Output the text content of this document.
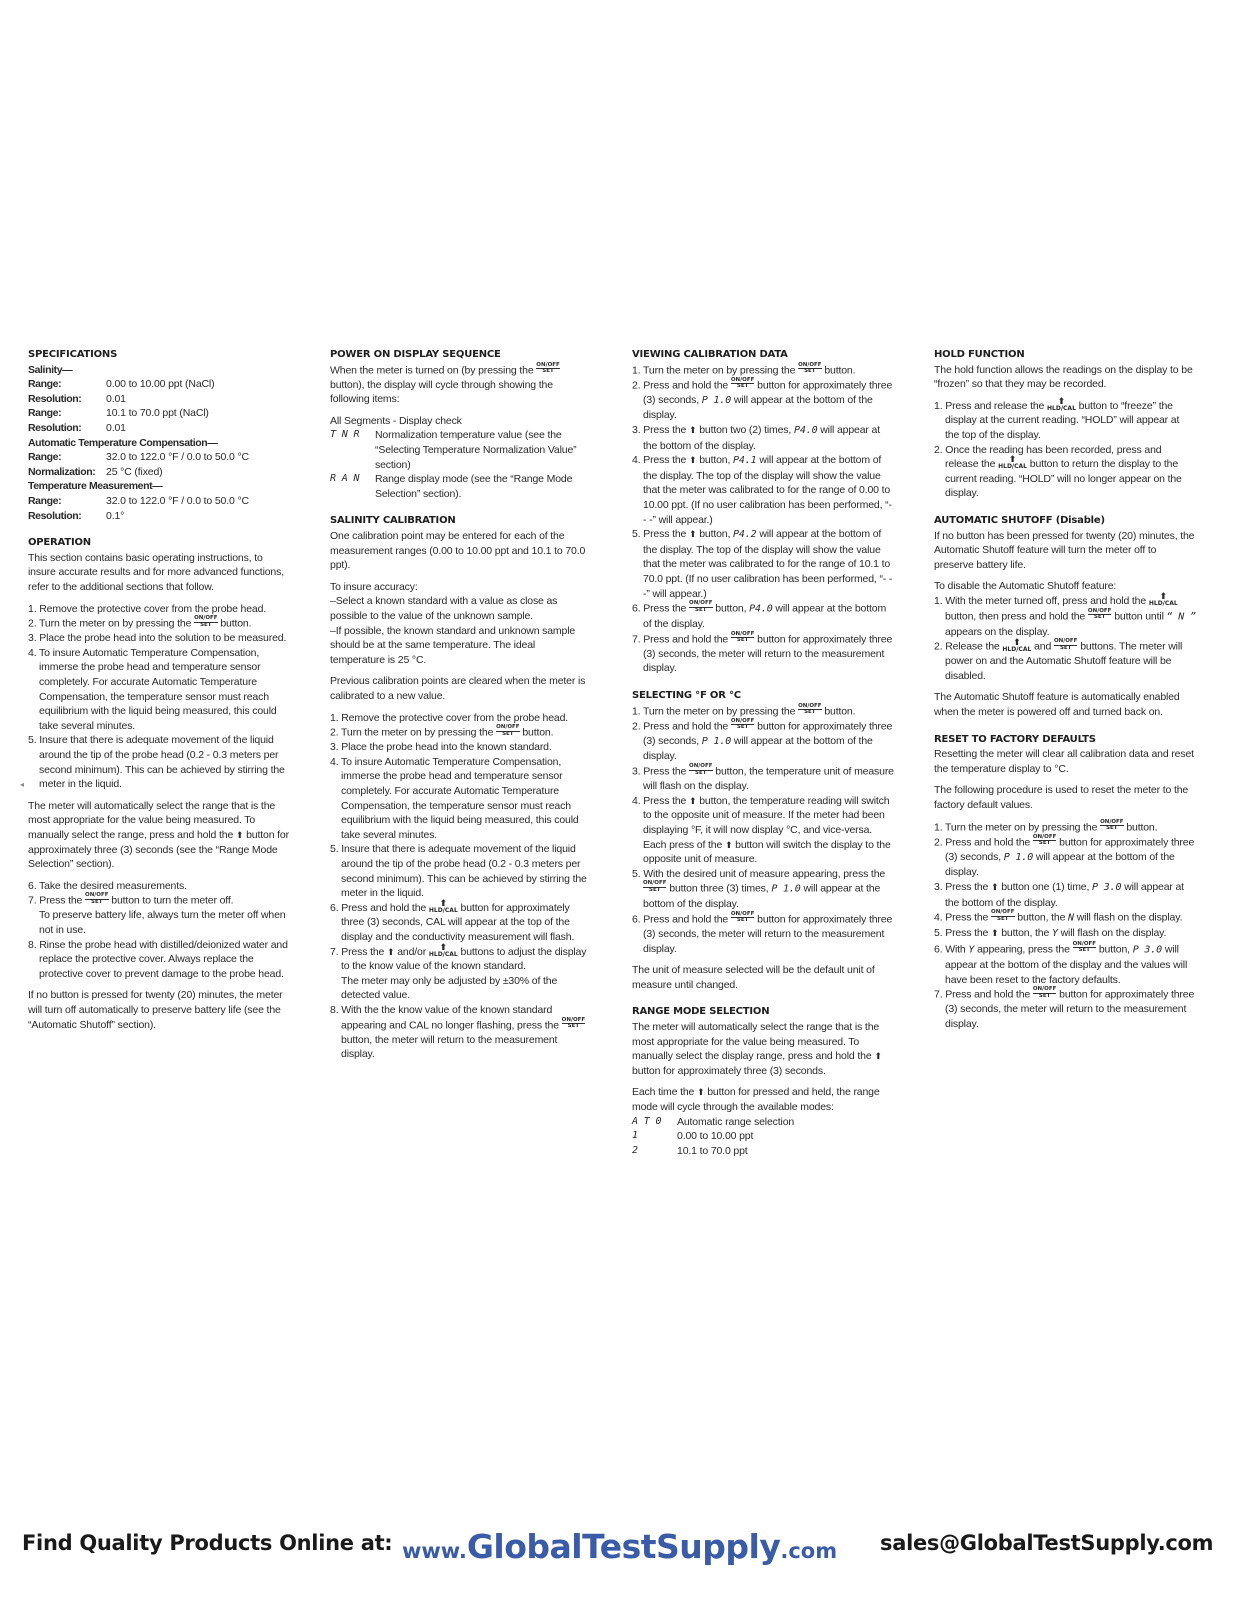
SPECIFICATIONS

Salinity—

Range:	0.00 to 10.00 ppt (NaCl)
Resolution:	0.01
Range:	10.1 to 70.0 ppt (NaCl)
Resolution:	0.01

Automatic Temperature Compensation—

Range:	32.0 to 122.0 °F / 0.0 to 50.0 °C
Normalization:	25 °C (fixed)

Temperature Measurement—

Range:	32.0 to 122.0 °F / 0.0 to 50.0 °C
Resolution:	0.1°

OPERATION

This section contains basic operating instructions, to insure accurate results and for more advanced functions, refer to the additional sections that follow.

1. Remove the protective cover from the probe head.
2. Turn the meter on by pressing the ON/OFF
SET button.
3. Place the probe head into the solution to be measured.
4. To insure Automatic Temperature Compensation, immerse the probe head and temperature sensor completely. For accurate Automatic Temperature Compensation, the temperature sensor must reach equilibrium with the liquid being measured, this could take several minutes.
5. Insure that there is adequate movement of the liquid around the tip of the probe head (0.2 - 0.3 meters per second minimum). This can be achieved by stirring the meter in the liquid.

The meter will automatically select the range that is the most appropriate for the value being measured. To manually select the range, press and hold the ⬆ button for approximately three (3) seconds (see the “Range Mode Selection” section).

6. Take the desired measurements.
7. Press the ON/OFF
SET button to turn the meter off.
To preserve battery life, always turn the meter off when not in use.
8. Rinse the probe head with distilled/deionized water and replace the protective cover. Always replace the protective cover to prevent damage to the probe head.

If no button is pressed for twenty (20) minutes, the meter will turn off automatically to preserve battery life (see the “Automatic Shutoff” section).

◂

POWER ON DISPLAY SEQUENCE

When the meter is turned on (by pressing the ON/OFF
SET
button), the display will cycle through showing the following items:

All Segments - Display check

T N R	Normalization temperature value (see the “Selecting Temperature Normalization Value” section)
R A N	Range display mode (see the “Range Mode Selection” section).

SALINITY CALIBRATION

One calibration point may be entered for each of the measurement ranges (0.00 to 10.00 ppt and 10.1 to 70.0 ppt).

To insure accuracy:

–Select a known standard with a value as close as possible to the value of the unknown sample.

–If possible, the known standard and unknown sample should be at the same temperature. The ideal temperature is 25 °C.

Previous calibration points are cleared when the meter is calibrated to a new value.

1. Remove the protective cover from the probe head.
2. Turn the meter on by pressing the ON/OFF
SET button.
3. Place the probe head into the known standard.
4. To insure Automatic Temperature Compensation, immerse the probe head and temperature sensor completely. For accurate Automatic Temperature Compensation, the temperature sensor must reach equilibrium with the liquid being measured, this could take several minutes.
5. Insure that there is adequate movement of the liquid around the tip of the probe head (0.2 - 0.3 meters per second minimum). This can be achieved by stirring the meter in the liquid.
6. Press and hold the	⬆
HLD/CAL button for approximately three (3) seconds, CAL will appear at the top of the display and the conductivity measurement will flash.
7. Press the ⬆ and/or	⬆
HLD/CAL buttons to adjust the display to the know value of the known standard.
The meter may only be adjusted by ±30% of the detected value.
8. With the the know value of the known standard appearing and CAL no longer flashing, press the ON/OFF
SET
button, the meter will return to the measurement display.

VIEWING CALIBRATION DATA

1. Turn the meter on by pressing the ON/OFF
SET button.
2. Press and hold the ON/OFF
SET button for approximately three (3) seconds, P 1.0 will appear at the bottom of the display.
3. Press the ⬆ button two (2) times, P4.0 will appear at the bottom of the display.
4. Press the ⬆ button, P4.1 will appear at the bottom of the display. The top of the display will show the value that the meter was calibrated to for the range of 0.00 to 10.00 ppt. (If no user calibration has been performed, “- - -” will appear.)
5. Press the ⬆ button, P4.2 will appear at the bottom of the display. The top of the display will show the value that the meter was calibrated to for the range of 10.1 to 70.0 ppt. (If no user calibration has been performed, “- - -” will appear.)
6. Press the ON/OFF
SET button, P4.0 will appear at the bottom of the display.
7. Press and hold the ON/OFF
SET button for approximately three (3) seconds, the meter will return to the measurement display.

SELECTING °F OR °C

1. Turn the meter on by pressing the ON/OFF
SET button.
2. Press and hold the ON/OFF
SET button for approximately three (3) seconds, P 1.0 will appear at the bottom of the display.
3. Press the ON/OFF
SET button, the temperature unit of measure will flash on the display.
4. Press the ⬆ button, the temperature reading will switch to the opposite unit of measure. If the meter had been displaying °F, it will now display °C, and vice-versa. Each press of the ⬆ button will switch the display to the opposite unit of measure.
5. With the desired unit of measure appearing, press the
ON/OFF
SET button three (3) times, P 1.0 will appear at the bottom of the display.
6. Press and hold the ON/OFF
SET button for approximately three (3) seconds, the meter will return to the measurement display.

The unit of measure selected will be the default unit of measure until changed.

RANGE MODE SELECTION

The meter will automatically select the range that is the most appropriate for the value being measured. To manually select the display range, press and hold the ⬆ button for approximately three (3) seconds.

Each time the ⬆ button for pressed and held, the range mode will cycle through the available modes:

A T 0	Automatic range selection
1	0.00 to 10.00 ppt
2	10.1 to 70.0 ppt

HOLD FUNCTION

The hold function allows the readings on the display to be “frozen” so that they may be recorded.

1. Press and release the	⬆
HLD/CAL button to “freeze” the display at the current reading. “HOLD” will appear at the top of the display.
2. Once the reading has been recorded, press and release the	⬆
HLD/CAL button to return the display to the current reading. “HOLD” will no longer appear on the display.

AUTOMATIC SHUTOFF (Disable)

If no button has been pressed for twenty (20) minutes, the Automatic Shutoff feature will turn the meter off to preserve battery life.

To disable the Automatic Shutoff feature:

1. With the meter turned off, press and hold the	⬆
HLD/CAL button, then press and hold the ON/OFF
SET button until “ N ” appears on the display.
2. Release the	⬆
HLD/CAL and ON/OFF
SET buttons. The meter will power on and the Automatic Shutoff feature will be disabled.

The Automatic Shutoff feature is automatically enabled when the meter is powered off and turned back on.

RESET TO FACTORY DEFAULTS

Resetting the meter will clear all calibration data and reset the temperature display to °C.

The following procedure is used to reset the meter to the factory default values.

1. Turn the meter on by pressing the ON/OFF
SET button.
2. Press and hold the ON/OFF
SET button for approximately three (3) seconds, P 1.0 will appear at the bottom of the display.
3. Press the ⬆ button one (1) time, P 3.0 will appear at the bottom of the display.
4. Press the ON/OFF
SET button, the N will flash on the display.
5. Press the ⬆ button, the Y will flash on the display.
6. With Y appearing, press the ON/OFF
SET button, P 3.0 will appear at the bottom of the display and the values will have been reset to the factory defaults.
7. Press and hold the ON/OFF
SET button for approximately three (3) seconds, the meter will return to the measurement display.
Find Quality Products Online at: www.GlobalTestSupply.com sales@GlobalTestSupply.com
